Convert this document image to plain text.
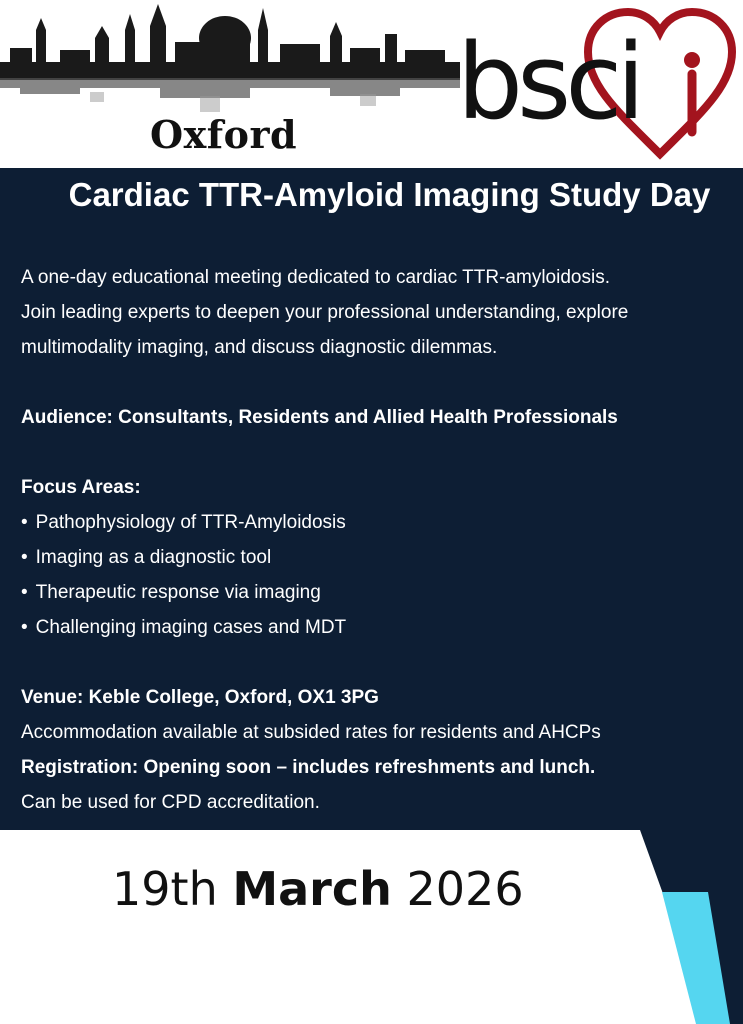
Oxford bsci
Cardiac TTR-Amyloid Imaging Study Day

A one-day educational meeting dedicated to cardiac TTR-amyloidosis.

Join leading experts to deepen your professional understanding, explore

multimodality imaging, and discuss diagnostic dilemmas.

Audience: Consultants, Residents and Allied Health Professionals

Focus Areas:

• Pathophysiology of TTR-Amyloidosis
• Imaging as a diagnostic tool
• Therapeutic response via imaging
• Challenging imaging cases and MDT

Venue: Keble College, Oxford, OX1 3PG

Accommodation available at subsided rates for residents and AHCPs

Registration: Opening soon – includes refreshments and lunch.

Can be used for CPD accreditation.

19th March 2026
